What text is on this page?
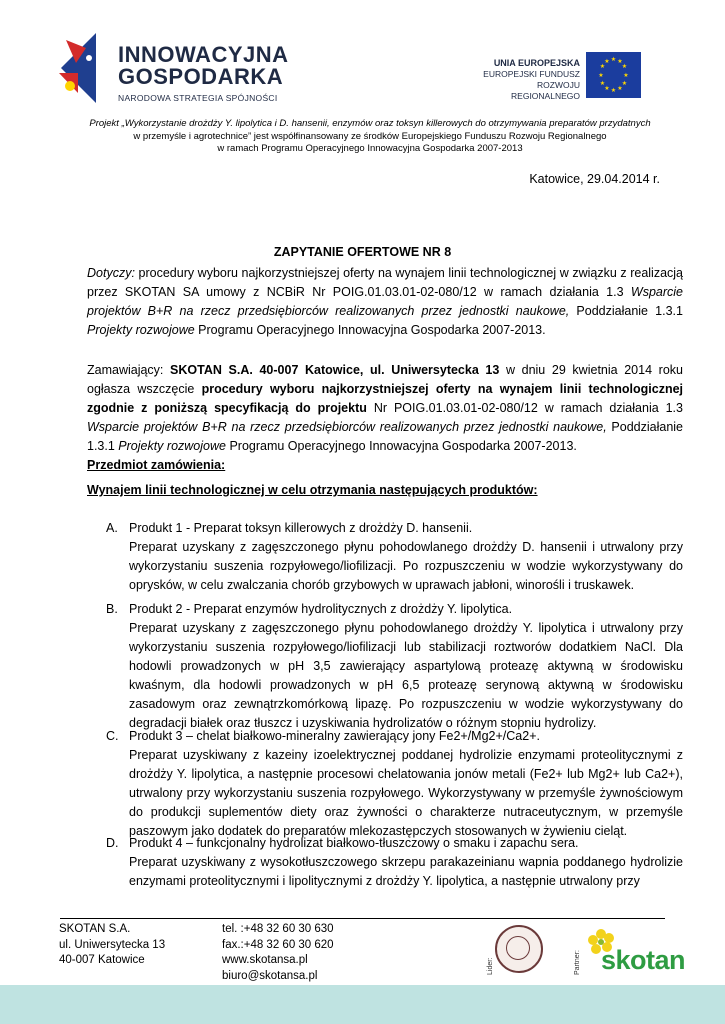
INNOWACYJNA
GOSPODARKA
NARODOWA STRATEGIA SPÓJNOŚCI
UNIA EUROPEJSKA
EUROPEJSKI FUNDUSZ
ROZWOJU REGIONALNEGO
★ ★
★
★
★
★
★
★
★
★
★
★
Projekt „Wykorzystanie drożdży Y. lipolytica i D. hansenii, enzymów oraz toksyn killerowych do otrzymywania preparatów przydatnych
w przemyśle i agrotechnice” jest współfinansowany ze środków Europejskiego Funduszu Rozwoju Regionalnego
w ramach Programu Operacyjnego Innowacyjna Gospodarka 2007-2013
Katowice, 29.04.2014 r.
ZAPYTANIE OFERTOWE NR 8
Dotyczy: procedury wyboru najkorzystniejszej oferty na wynajem linii technologicznej w związku z realizacją przez SKOTAN SA umowy z NCBiR Nr POIG.01.03.01-02-080/12 w ramach działania 1.3 Wsparcie projektów B+R na rzecz przedsiębiorców realizowanych przez jednostki naukowe, Poddziałanie 1.3.1 Projekty rozwojowe Programu Operacyjnego Innowacyjna Gospodarka 2007-2013.
Zamawiający: SKOTAN S.A. 40-007 Katowice, ul. Uniwersytecka 13 w dniu 29 kwietnia 2014 roku ogłasza wszczęcie procedury wyboru najkorzystniejszej oferty na wynajem linii technologicznej zgodnie z poniższą specyfikacją do projektu Nr POIG.01.03.01-02-080/12 w ramach działania 1.3 Wsparcie projektów B+R na rzecz przedsiębiorców realizowanych przez jednostki naukowe, Poddziałanie 1.3.1 Projekty rozwojowe Programu Operacyjnego Innowacyjna Gospodarka 2007-2013.
Przedmiot zamówienia:
Wynajem linii technologicznej w celu otrzymania następujących produktów:
A. Produkt 1 - Preparat toksyn killerowych z drożdży D. hansenii.
Preparat uzyskany z zagęszczonego płynu pohodowlanego drożdży D. hansenii i utrwalony przy wykorzystaniu suszenia rozpyłowego/liofilizacji. Po rozpuszczeniu w wodzie wykorzystywany do oprysków, w celu zwalczania chorób grzybowych w uprawach jabłoni, winorośli i truskawek.
B. Produkt 2 - Preparat enzymów hydrolitycznych z drożdży Y. lipolytica.
Preparat uzyskany z zagęszczonego płynu pohodowlanego drożdży Y. lipolytica i utrwalony przy wykorzystaniu suszenia rozpyłowego/liofilizacji lub stabilizacji roztworów dodatkiem NaCl. Dla hodowli prowadzonych w pH 3,5 zawierający aspartylową proteazę aktywną w środowisku kwaśnym, dla hodowli prowadzonych w pH 6,5 proteazę serynową aktywną w środowisku zasadowym oraz zewnątrzkomórkową lipazę. Po rozpuszczeniu w wodzie wykorzystywany do degradacji białek oraz tłuszcz i uzyskiwania hydrolizatów o różnym stopniu hydrolizy.
C. Produkt 3 – chelat białkowo-mineralny zawierający jony Fe2+/Mg2+/Ca2+.
Preparat uzyskiwany z kazeiny izoelektrycznej poddanej hydrolizie enzymami proteolitycznymi z drożdży Y. lipolytica, a następnie procesowi chelatowania jonów metali (Fe2+ lub Mg2+ lub Ca2+), utrwalony przy wykorzystaniu suszenia rozpyłowego. Wykorzystywany w przemyśle żywnościowym do produkcji suplementów diety oraz żywności o charakterze nutraceutycznym, w przemyśle paszowym jako dodatek do preparatów mlekozastępczych stosowanych w żywieniu cieląt.
D. Produkt 4 – funkcjonalny hydrolizat białkowo-tłuszczowy o smaku i zapachu sera.
Preparat uzyskiwany z wysokotłuszczowego skrzepu parakazeinianu wapnia poddanego hydrolizie enzymami proteolitycznymi i lipolitycznymi z drożdży Y. lipolytica, a następnie utrwalony przy
SKOTAN S.A.
ul. Uniwersytecka 13
40-007 Katowice
tel. :+48 32 60 30 630
fax.:+48 32 60 30 620
www.skotansa.pl
biuro@skotansa.pl
Lider:	Partner: skotan
